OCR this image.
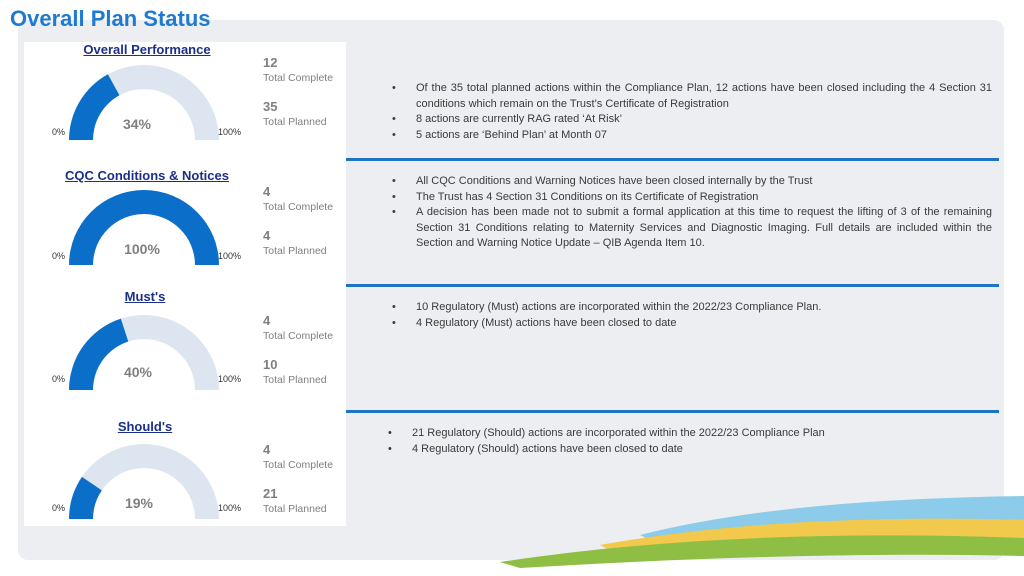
Overall Plan Status
Overall Performance
0%	100%
34%
12
Total Complete
35
Total Planned
• Of the 35 total planned actions within the Compliance Plan, 12 actions have been closed including the 4 Section 31 conditions which remain on the Trust’s Certificate of Registration
• 8 actions are currently RAG rated ‘At Risk’
• 5 actions are ‘Behind Plan’ at Month 07
CQC Conditions & Notices
0%	100%
100%
4
Total Complete
4
Total Planned
• All CQC Conditions and Warning Notices have been closed internally by the Trust
• The Trust has 4 Section 31 Conditions on its Certificate of Registration
• A decision has been made not to submit a formal application at this time to request the lifting of 3 of the remaining Section 31 Conditions relating to Maternity Services and Diagnostic Imaging. Full details are included within the Section and Warning Notice Update – QIB Agenda Item 10.
Must's
0%	100%
40%
4
Total Complete
10
Total Planned
• 10 Regulatory (Must) actions are incorporated within the 2022/23 Compliance Plan.
• 4 Regulatory (Must) actions have been closed to date
Should's
0%	100%
19%
4
Total Complete
21
Total Planned
• 21 Regulatory (Should) actions are incorporated within the 2022/23 Compliance Plan
• 4 Regulatory (Should) actions have been closed to date
